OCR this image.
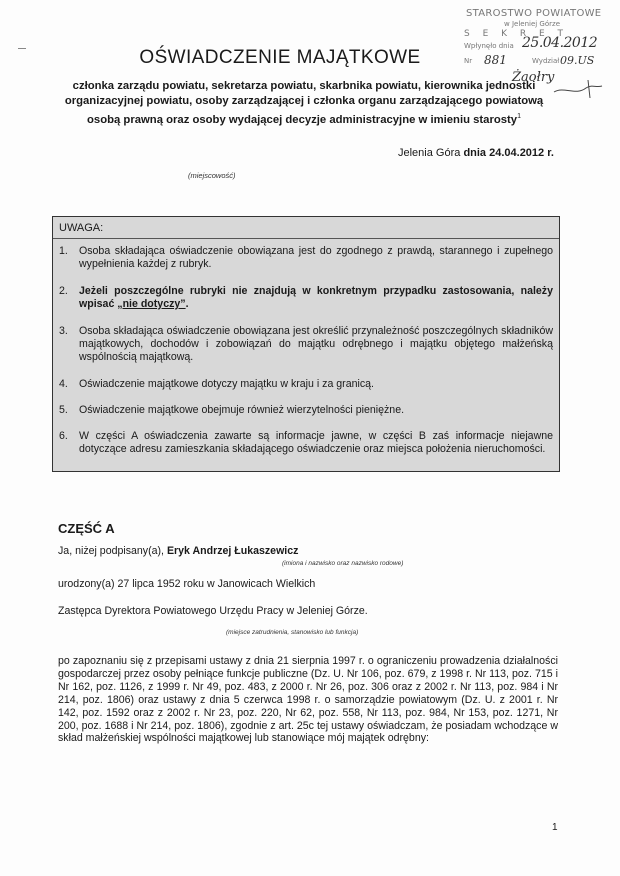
STAROSTWO POWIATOWE
w Jeleniej Górze
S E K R E T
Wpłynęło dnia 25.04.2012
Nr 881	Wydział 09.US
Żaołry
OŚWIADCZENIE MAJĄTKOWE
członka zarządu powiatu, sekretarza powiatu, skarbnika powiatu, kierownika jednostki
organizacyjnej powiatu, osoby zarządzającej i członka organu zarządzającego powiatową
osobą prawną oraz osoby wydającej decyzje administracyjne w imieniu starosty$^1$
Jelenia Góra dnia 24.04.2012 r.
(miejscowość)
UWAGA:
1. Osoba składająca oświadczenie obowiązana jest do zgodnego z prawdą, starannego i zupełnego wypełnienia każdej z rubryk.
2. Jeżeli poszczególne rubryki nie znajdują w konkretnym przypadku zastosowania, należy wpisać „nie dotyczy”.
3. Osoba składająca oświadczenie obowiązana jest określić przynależność poszczególnych składników majątkowych, dochodów i zobowiązań do majątku odrębnego i majątku objętego małżeńską wspólnością majątkową.
4. Oświadczenie majątkowe dotyczy majątku w kraju i za granicą.
5. Oświadczenie majątkowe obejmuje również wierzytelności pieniężne.
6. W części A oświadczenia zawarte są informacje jawne, w części B zaś informacje niejawne dotyczące adresu zamieszkania składającego oświadczenie oraz miejsca położenia nieruchomości.
CZĘŚĆ A
Ja, niżej podpisany(a), Eryk Andrzej Łukaszewicz
(imiona i nazwisko oraz nazwisko rodowe)
urodzony(a) 27 lipca 1952 roku w Janowicach Wielkich
Zastępca Dyrektora Powiatowego Urzędu Pracy w Jeleniej Górze.
(miejsce zatrudnienia, stanowisko lub funkcja)
po zapoznaniu się z przepisami ustawy z dnia 21 sierpnia 1997 r. o ograniczeniu prowadzenia działalności gospodarczej przez osoby pełniące funkcje publiczne (Dz. U. Nr 106, poz. 679, z 1998 r. Nr 113, poz. 715 i Nr 162, poz. 1126, z 1999 r. Nr 49, poz. 483, z 2000 r. Nr 26, poz. 306 oraz z 2002 r. Nr 113, poz. 984 i Nr 214, poz. 1806) oraz ustawy z dnia 5 czerwca 1998 r. o samorządzie powiatowym (Dz. U. z 2001 r. Nr 142, poz. 1592 oraz z 2002 r. Nr 23, poz. 220, Nr 62, poz. 558, Nr 113, poz. 984, Nr 153, poz. 1271, Nr 200, poz. 1688 i Nr 214, poz. 1806), zgodnie z art. 25c tej ustawy oświadczam, że posiadam wchodzące w skład małżeńskiej wspólności majątkowej lub stanowiące mój majątek odrębny:
1
